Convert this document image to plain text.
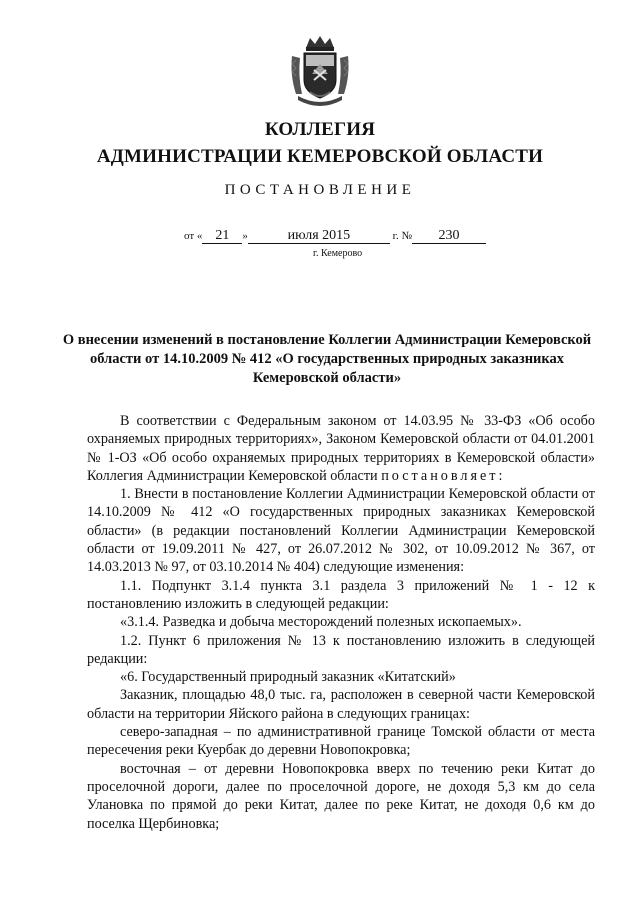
КОЛЛЕГИЯ
АДМИНИСТРАЦИИ КЕМЕРОВСКОЙ ОБЛАСТИ
ПОСТАНОВЛЕНИЕ
от « 21 »	июля 2015	г. № 230
г. Кемерово
О внесении изменений в постановление Коллегии Администрации Кемеровской области от 14.10.2009 № 412 «О государственных природных заказниках Кемеровской области»

В соответствии с Федеральным законом от 14.03.95 № 33-ФЗ «Об особо охраняемых природных территориях», Законом Кемеровской области от 04.01.2001 № 1-ОЗ «Об особо охраняемых природных территориях в Кемеровской области» Коллегия Администрации Кемеровской области постановляет:

1. Внести в постановление Коллегии Администрации Кемеровской области от 14.10.2009 № 412 «О государственных природных заказниках Кемеровской области» (в редакции постановлений Коллегии Администрации Кемеровской области от 19.09.2011 № 427, от 26.07.2012 № 302, от 10.09.2012 № 367, от 14.03.2013 № 97, от 03.10.2014 № 404) следующие изменения:

1.1. Подпункт 3.1.4 пункта 3.1 раздела 3 приложений № 1 - 12 к постановлению изложить в следующей редакции:

«3.1.4. Разведка и добыча месторождений полезных ископаемых».

1.2. Пункт 6 приложения № 13 к постановлению изложить в следующей редакции:

«6. Государственный природный заказник «Китатский»

Заказник, площадью 48,0 тыс. га, расположен в северной части Кемеровской области на территории Яйского района в следующих границах:

северо-западная – по административной границе Томской области от места пересечения реки Куербак до деревни Новопокровка;

восточная – от деревни Новопокровка вверх по течению реки Китат до проселочной дороги, далее по проселочной дороге, не доходя 5,3 км до села Улановка по прямой до реки Китат, далее по реке Китат, не доходя 0,6 км до поселка Щербиновка;
